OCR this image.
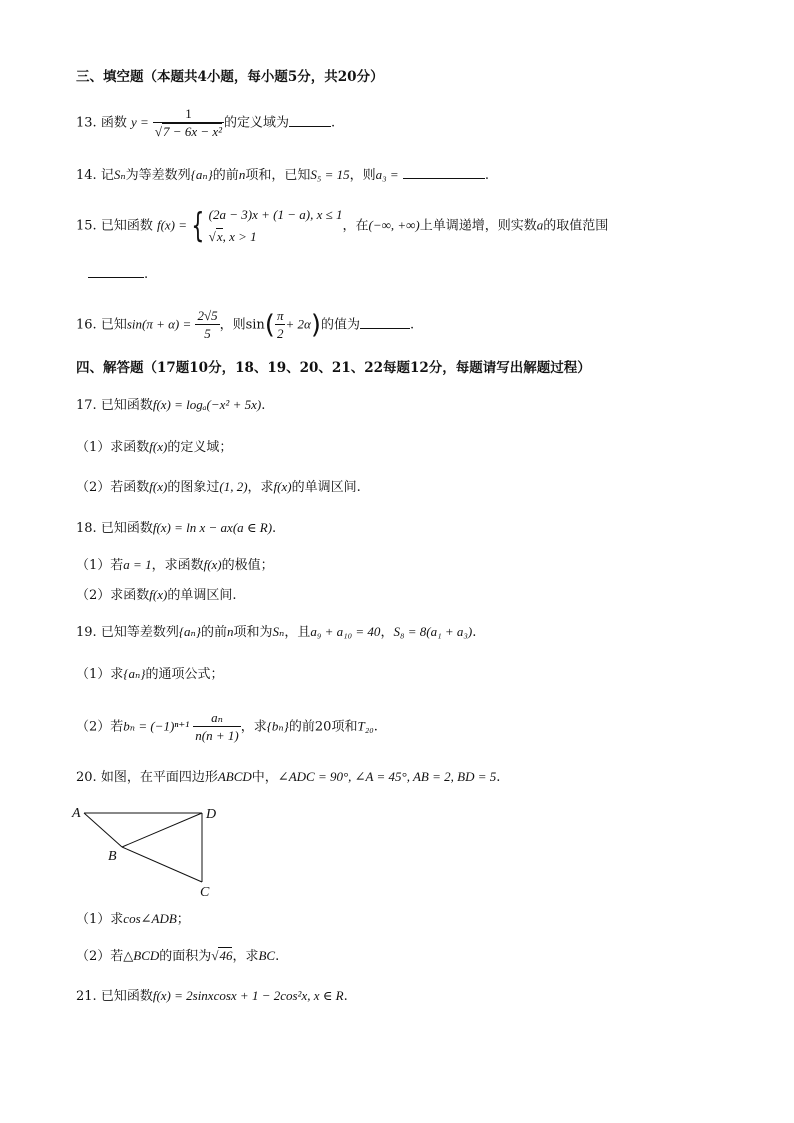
三、填空题（本题共4小题，每小题5分，共20分）
13. 函数 $y = \frac{1}{\text{√7 − 6x − x²}}$ 的定义域为	.
14. 记Sₙ为等差数列{aₙ}的前n项和，已知S₅ = 15，则a₃ =	.
15. 已知函数 f(x) = { (2a − 3)x + (1 − a), x ≤ 1
√x, x > 1
，在(−∞, +∞)上单调递增，则实数a的取值范围
.
16. 已知$\sin(\pi + \alpha) = \frac{2√5}{5}$ ，则$\sin( \frac{\pi}{2} + 2\alpha)$的值为	.
四、解答题（17题10分，18、19、20、21、22每题12分，每题请写出解题过程）
17. 已知函数f(x) = logₐ(−x² + 5x).
（1）求函数f(x)的定义域；
（2）若函数f(x)的图象过(1, 2)，求f(x)的单调区间.
18. 已知函数f(x) = ln x − ax(a ∈ R).
（1）若a = 1，求函数f(x)的极值；
（2）求函数f(x)的单调区间.
19. 已知等差数列{aₙ}的前n项和为Sₙ，且a₉ + a₁₀ = 40，S₈ = 8(a₁ + a₃).
（1）求{aₙ}的通项公式；
（2）若$b_n = (-1)^{n+1} \frac{\text{aₙ}}{n(n + 1)}$ ，求{bₙ}的前20项和T₂₀.
20. 如图，在平面四边形ABCD中，∠ADC = 90°, ∠A = 45°, AB = 2, BD = 5.
A
B
C
D
（1）求cos∠ADB；
（2）若△BCD的面积为√46，求BC.
21. 已知函数f(x) = 2sinxcosx + 1 − 2cos²x, x ∈ R.
